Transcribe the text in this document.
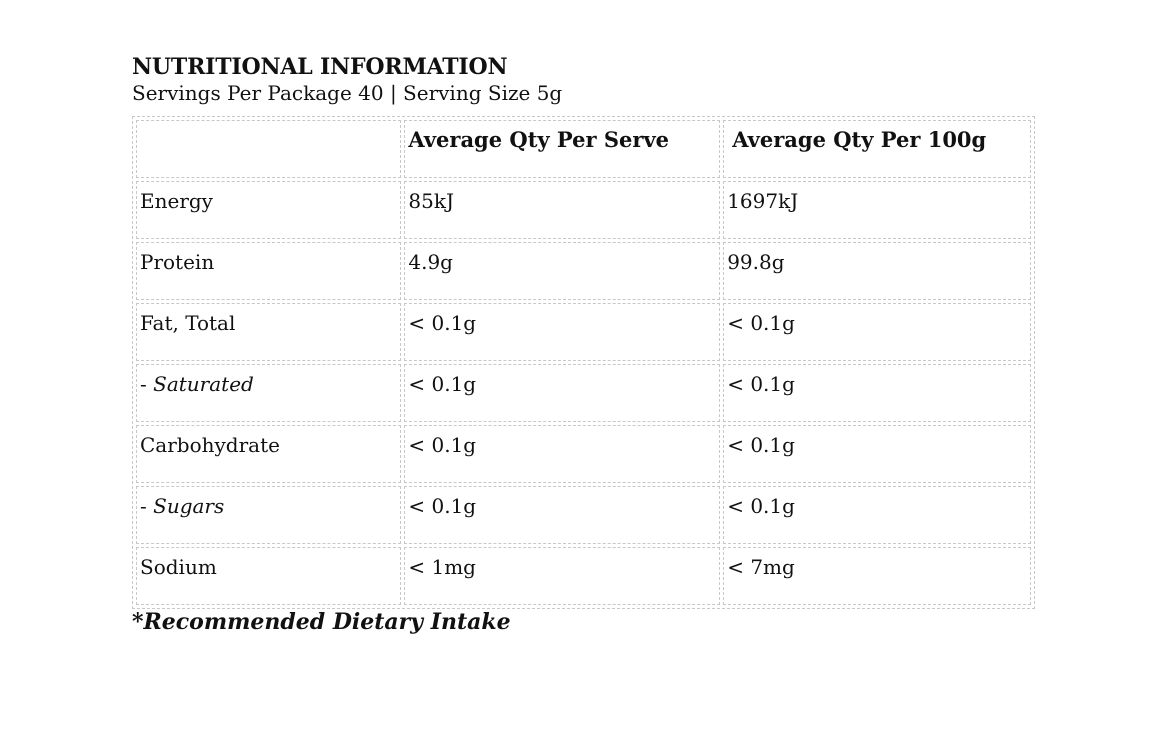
NUTRITIONAL INFORMATION

Servings Per Package 40 | Serving Size 5g

	Average Qty Per Serve	Average Qty Per 100g
Energy	85kJ	1697kJ
Protein	4.9g	99.8g
Fat, Total	< 0.1g	< 0.1g
- Saturated	< 0.1g	< 0.1g
Carbohydrate	< 0.1g	< 0.1g
- Sugars	< 0.1g	< 0.1g
Sodium	< 1mg	< 7mg

*Recommended Dietary Intake
